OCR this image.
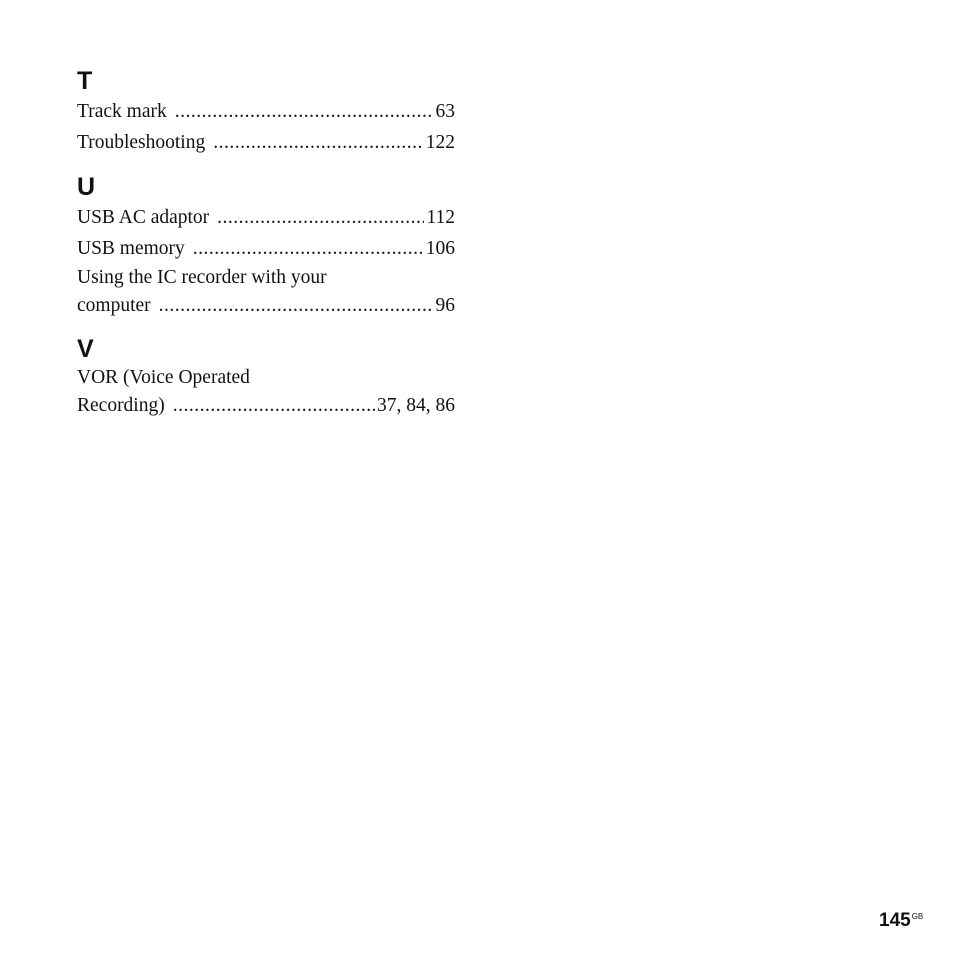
T
Track mark .....	63
Troubleshooting .....	122
U
USB AC adaptor .....	112
USB memory .....	106
Using the IC recorder with your
computer .....	96
V
VOR (Voice Operated
Recording) .....	37, 84, 86
$145^{GB}$
